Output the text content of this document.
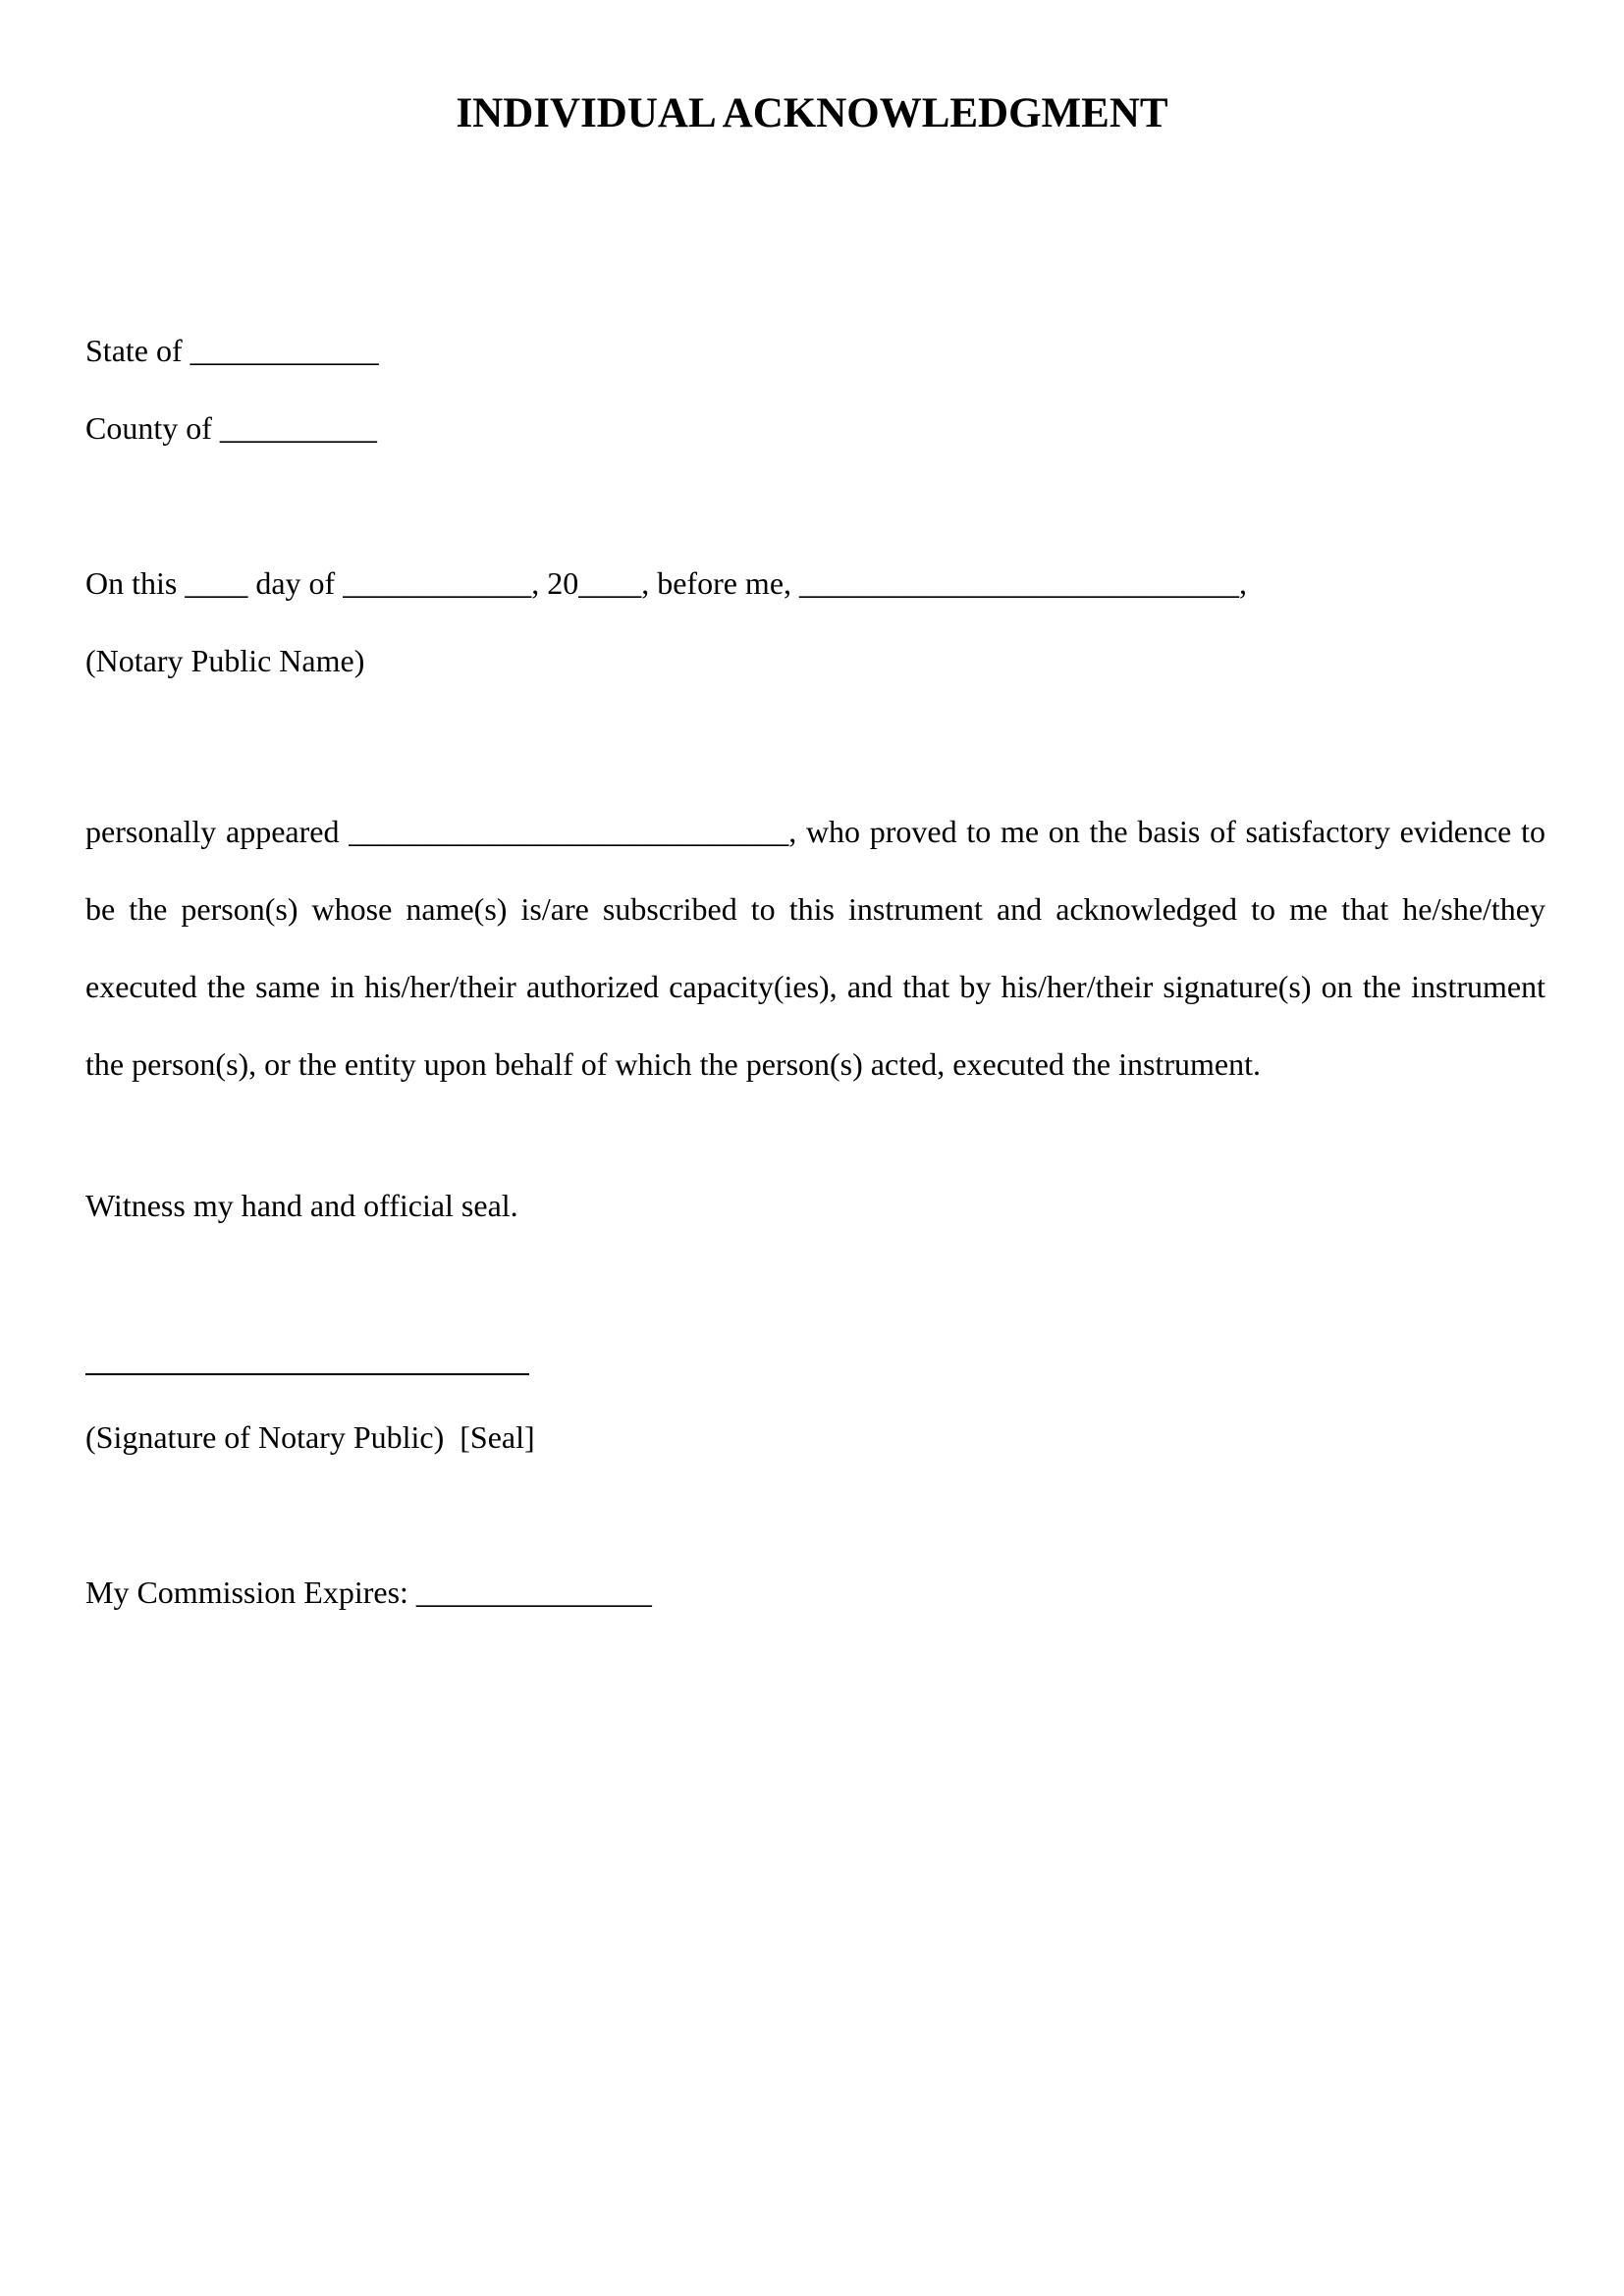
INDIVIDUAL ACKNOWLEDGMENT
State of ____________
County of __________
On this ____ day of ____________, 20____, before me, ____________________________,
(Notary Public Name)
personally appeared ____________________________, who proved to me on the basis of satisfactory evidence to be the person(s) whose name(s) is/are subscribed to this instrument and acknowledged to me that he/she/they executed the same in his/her/their authorized capacity(ies), and that by his/her/their signature(s) on the instrument the person(s), or the entity upon behalf of which the person(s) acted, executed the instrument.
Witness my hand and official seal.
(Signature of Notary Public)  [Seal]
My Commission Expires: _______________
